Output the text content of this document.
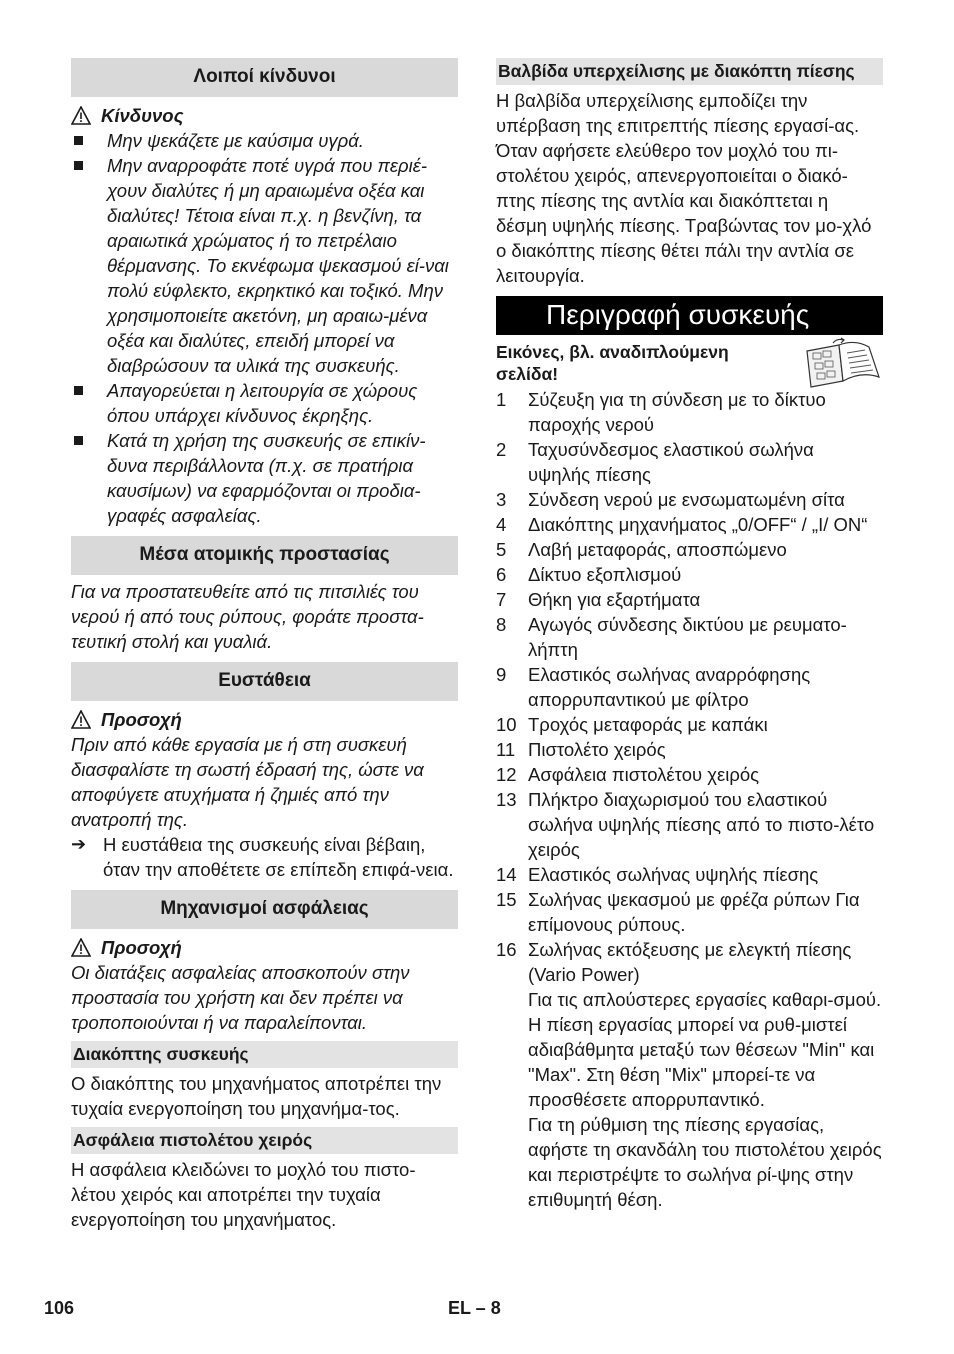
Λοιποί κίνδυνοι
Κίνδυνος
Μην ψεκάζετε με καύσιμα υγρά.
Μην αναρροφάτε ποτέ υγρά που περιέ-χουν διαλύτες ή μη αραιωμένα οξέα και διαλύτες! Τέτοια είναι π.χ. η βενζίνη, τα αραιωτικά χρώματος ή το πετρέλαιο θέρμανσης. Το εκνέφωμα ψεκασμού εί-ναι πολύ εύφλεκτο, εκρηκτικό και τοξικό. Μην χρησιμοποιείτε ακετόνη, μη αραιω-μένα οξέα και διαλύτες, επειδή μπορεί να διαβρώσουν τα υλικά της συσκευής.
Απαγορεύεται η λειτουργία σε χώρους όπου υπάρχει κίνδυνος έκρηξης.
Κατά τη χρήση της συσκευής σε επικίν-δυνα περιβάλλοντα (π.χ. σε πρατήρια καυσίμων) να εφαρμόζονται οι προδια-γραφές ασφαλείας.
Μέσα ατομικής προστασίας
Για να προστατευθείτε από τις πιτσιλιές του νερού ή από τους ρύπους, φοράτε προστα-τευτική στολή και γυαλιά.
Ευστάθεια
Προσοχή
Πριν από κάθε εργασία με ή στη συσκευή διασφαλίστε τη σωστή έδρασή της, ώστε να αποφύγετε ατυχήματα ή ζημιές από την ανατροπή της.
➔ Η ευστάθεια της συσκευής είναι βέβαιη, όταν την αποθέτετε σε επίπεδη επιφά-νεια.
Μηχανισμοί ασφάλειας
Προσοχή
Οι διατάξεις ασφαλείας αποσκοπούν στην προστασία του χρήστη και δεν πρέπει να τροποποιούνται ή να παραλείπονται.
Διακόπτης συσκευής
Ο διακόπτης του μηχανήματος αποτρέπει την τυχαία ενεργοποίηση του μηχανήμα-τος.
Ασφάλεια πιστολέτου χειρός
Η ασφάλεια κλειδώνει το μοχλό του πιστο-λέτου χειρός και αποτρέπει την τυχαία ενεργοποίηση του μηχανήματος.
Βαλβίδα υπερχείλισης με διακόπτη πίεσης
Η βαλβίδα υπερχείλισης εμποδίζει την υπέρβαση της επιτρεπτής πίεσης εργασί-ας.
Όταν αφήσετε ελεύθερο τον μοχλό του πι-στολέτου χειρός, απενεργοποιείται ο διακό-πτης πίεσης της αντλία και διακόπτεται η δέσμη υψηλής πίεσης. Τραβώντας τον μο-χλό ο διακόπτης πίεσης θέτει πάλι την αντλία σε λειτουργία.
Περιγραφή συσκευής
Εικόνες, βλ. αναδιπλούμενη σελίδα!
1	Σύζευξη για τη σύνδεση με το δίκτυο παροχής νερού
2	Ταχυσύνδεσμος ελαστικού σωλήνα υψηλής πίεσης
3	Σύνδεση νερού με ενσωματωμένη σίτα
4	Διακόπτης μηχανήματος „0/OFF“ / „I/ ON“
5	Λαβή μεταφοράς, αποσπώμενο
6	Δίκτυο εξοπλισμού
7	Θήκη για εξαρτήματα
8	Αγωγός σύνδεσης δικτύου με ρευματο-λήπτη
9	Ελαστικός σωλήνας αναρρόφησης απορρυπαντικού με φίλτρο
10 Τροχός μεταφοράς με καπάκι
11 Πιστολέτο χειρός
12 Ασφάλεια πιστολέτου χειρός
13 Πλήκτρο διαχωρισμού του ελαστικού σωλήνα υψηλής πίεσης από το πιστο-λέτο χειρός
14 Ελαστικός σωλήνας υψηλής πίεσης
15 Σωλήνας ψεκασμού με φρέζα ρύπων Για επίμονους ρύπους.
16 Σωλήνας εκτόξευσης με ελεγκτή πίεσης (Vario Power)
Για τις απλούστερες εργασίες καθαρι-σμού. Η πίεση εργασίας μπορεί να ρυθ-μιστεί αδιαβάθμητα μεταξύ των θέσεων "Min" και "Max". Στη θέση "Mix" μπορεί-τε να προσθέσετε απορρυπαντικό.
Για τη ρύθμιση της πίεσης εργασίας, αφήστε τη σκανδάλη του πιστολέτου χειρός και περιστρέψτε το σωλήνα ρί-ψης στην επιθυμητή θέση.
106	EL – 8
